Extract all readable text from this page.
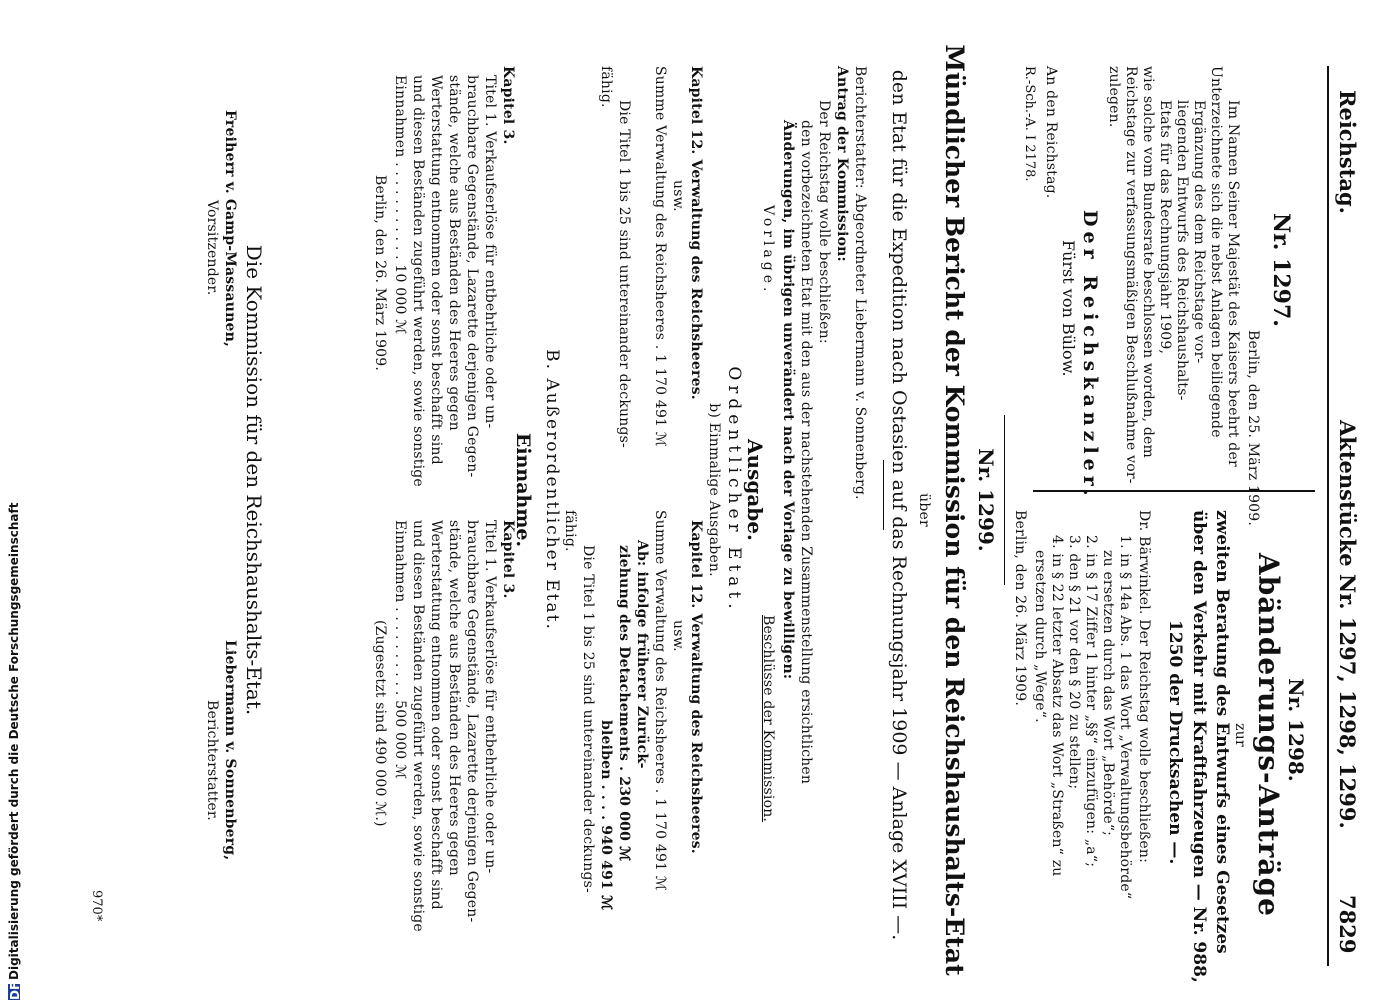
Reichstag.
Aktenstücke Nr. 1297, 1298, 1299.
7829
Nr. 1297.
Berlin, den 25. März 1909.
Im Namen Seiner Majestät des Kaisers beehrt der
Unterzeichnete sich die nebst Anlagen beiliegende
Ergänzung des dem Reichstage vor-
liegenden Entwurfs des Reichshaushalts-
Etats für das Rechnungsjahr 1909,
wie solche vom Bundesrate beschlossen worden, dem
Reichstage zur verfassungsmäßigen Beschlußnahme vor-
zulegen.
Der Reichskanzler.
Fürst von Bülow.
An den Reichstag.
R.-Sch.-A. I 2178.
Nr. 1298.
Abänderungs-Anträge
zur
zweiten Beratung des Entwurfs eines Gesetzes
über den Verkehr mit Kraftfahrzeugen — Nr. 988,
1250 der Drucksachen —.
Dr. Bärwinkel. Der Reichstag wolle beschließen:
1. in § 14a Abs. 1 das Wort „Verwaltungsbehörde“
zu ersetzen durch das Wort „Behörde“;
2. in § 17 Ziffer 1 hinter „§§“ einzufügen: „a“;
3. den § 21 vor den § 20 zu stellen;
4. in § 22 letzter Absatz das Wort „Straßen“ zu
ersetzen durch „Wege“.
Berlin, den 26. März 1909.
Nr. 1299.
Mündlicher Bericht der Kommission für den Reichshaushalts-Etat
über
den Etat für die Expedition nach Ostasien auf das Rechnungsjahr 1909 — Anlage XVIII —.
Berichterstatter: Abgeordneter Liebermann v. Sonnenberg.
Antrag der Kommission:
Der Reichstag wolle beschließen:
den vorbezeichneten Etat mit den aus der nachstehenden Zusammenstellung ersichtlichen
Änderungen, im übrigen unverändert nach der Vorlage zu bewilligen:
Vorlage.
Beschlüsse der Kommission.
Ausgabe.
Ordentlicher Etat.
b) Einmalige Ausgaben.
Kapitel 12. Verwaltung des Reichsheeres.
usw.
Summe Verwaltung des Reichsheeres . 1 170 491 ℳ
Die Titel 1 bis 25 sind untereinander deckungs-
fähig.
Kapitel 12. Verwaltung des Reichsheeres.
usw.
Summe Verwaltung des Reichsheeres . 1 170 491 ℳ
Ab: infolge früherer Zurück-
ziehung des Detachements . 230 000 ℳ
bleiben . . . . 940 491 ℳ
Die Titel 1 bis 25 sind untereinander deckungs-
fähig.
B. Außerordentlicher Etat.
Einnahme.
Kapitel 3.
Titel 1. Verkaufserlöse für entbehrliche oder un-
brauchbare Gegenstände, Lazarette derjenigen Gegen-
stände, welche aus Beständen des Heeres gegen
Werterstattung entnommen oder sonst beschafft sind
und diesen Beständen zugeführt werden, sowie sonstige
Einnahmen . . . . . . . . . . . 10 000 ℳ
Berlin, den 26. März 1909.
Kapitel 3.
Titel 1. Verkaufserlöse für entbehrliche oder un-
brauchbare Gegenstände, Lazarette derjenigen Gegen-
stände, welche aus Beständen des Heeres gegen
Werterstattung entnommen oder sonst beschafft sind
und diesen Beständen zugeführt werden, sowie sonstige
Einnahmen . . . . . . . . . . 500 000 ℳ
(Zugesetzt sind 490 000 ℳ.)
Die Kommission für den Reichshaushalts-Etat.
Freiherr v. Gamp-Massaunen,
Vorsitzender.
Liebermann v. Sonnenberg,
Berichterstatter.
970*
DFGDigitalisierung gefördert durch die Deutsche Forschungsgemeinschaft
